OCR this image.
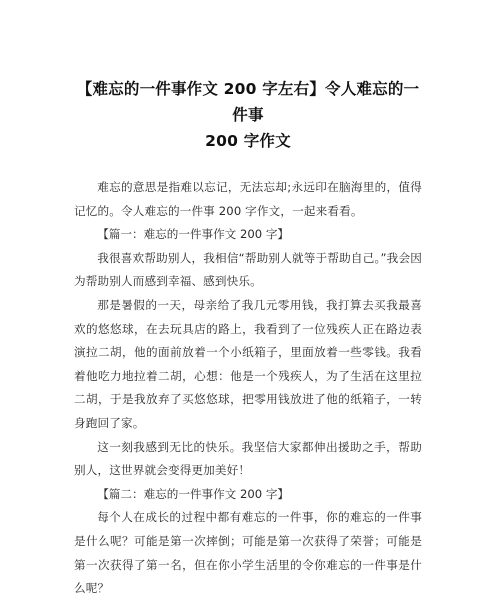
【难忘的一件事作文 200 字左右】令人难忘的一件事
200 字作文

难忘的意思是指难以忘记，无法忘却;永远印在脑海里的，值得记忆的。令人难忘的一件事 200 字作文，一起来看看。

【篇一：难忘的一件事作文 200 字】

我很喜欢帮助别人，我相信“帮助别人就等于帮助自己。”我会因为帮助别人而感到幸福、感到快乐。

那是暑假的一天，母亲给了我几元零用钱，我打算去买我最喜欢的悠悠球，在去玩具店的路上，我看到了一位残疾人正在路边表演拉二胡，他的面前放着一个小纸箱子，里面放着一些零钱。我看着他吃力地拉着二胡，心想：他是一个残疾人，为了生活在这里拉二胡，于是我放弃了买悠悠球，把零用钱放进了他的纸箱子，一转身跑回了家。

这一刻我感到无比的快乐。我坚信大家都伸出援助之手，帮助别人，这世界就会变得更加美好！

【篇二：难忘的一件事作文 200 字】

每个人在成长的过程中都有难忘的一件事，你的难忘的一件事是什么呢？可能是第一次摔倒；可能是第一次获得了荣誉；可能是第一次获得了第一名，但在你小学生活里的令你难忘的一件事是什么呢？
